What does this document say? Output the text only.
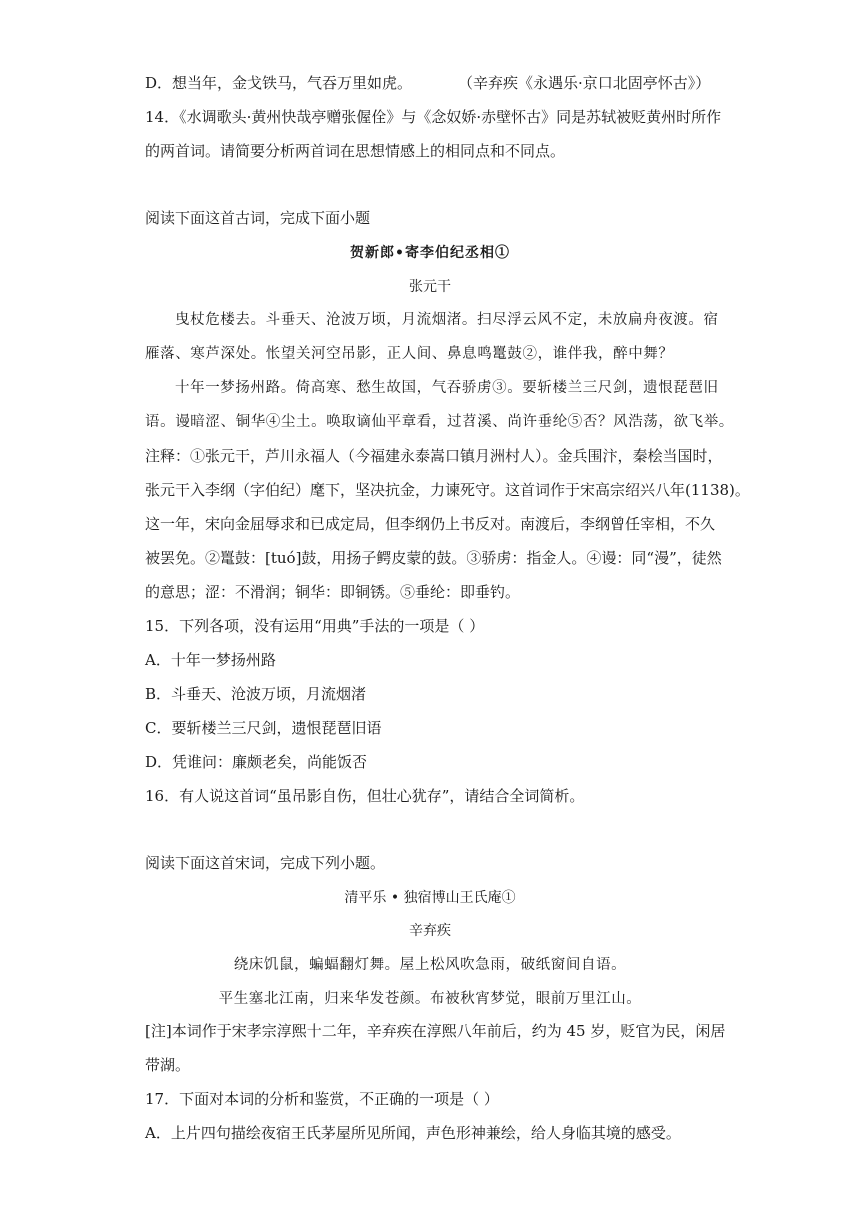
D．想当年，金戈铁马，气吞万里如虎。	（辛弃疾《永遇乐·京口北固亭怀古》）
14．《水调歌头·黄州快哉亭赠张偓佺》与《念奴娇·赤壁怀古》同是苏轼被贬黄州时所作
的两首词。请简要分析两首词在思想情感上的相同点和不同点。
阅读下面这首古词，完成下面小题
贺新郎•寄李伯纪丞相①
张元干
曳杖危楼去。斗垂天、沧波万顷，月流烟渚。扫尽浮云风不定，未放扁舟夜渡。宿
雁落、寒芦深处。怅望关河空吊影，正人间、鼻息鸣鼍鼓②，谁伴我，醉中舞？
十年一梦扬州路。倚高寒、愁生故国，气吞骄虏③。要斩楼兰三尺剑，遗恨琵琶旧
语。谩暗涩、铜华④尘土。唤取谪仙平章看，过苕溪、尚许垂纶⑤否？风浩荡，欲飞举。
注释：①张元干，芦川永福人（今福建永泰嵩口镇月洲村人）。金兵围汴，秦桧当国时，
张元干入李纲（字伯纪）麾下，坚决抗金，力谏死守。这首词作于宋高宗绍兴八年(1138)。
这一年，宋向金屈辱求和已成定局，但李纲仍上书反对。南渡后，李纲曾任宰相，不久
被罢免。②鼍鼓：[tuó]鼓，用扬子鳄皮蒙的鼓。③骄虏：指金人。④谩：同“漫”，徒然
的意思；涩：不滑润；铜华：即铜锈。⑤垂纶：即垂钓。
15．下列各项，没有运用“用典”手法的一项是（ ）
A．十年一梦扬州路
B．斗垂天、沧波万顷，月流烟渚
C．要斩楼兰三尺剑，遗恨琵琶旧语
D．凭谁问：廉颇老矣，尚能饭否
16．有人说这首词“虽吊影自伤，但壮心犹存”，请结合全词简析。
阅读下面这首宋词，完成下列小题。
清平乐 • 独宿博山王氏庵①
辛弃疾
绕床饥鼠，蝙蝠翻灯舞。屋上松风吹急雨，破纸窗间自语。
平生塞北江南，归来华发苍颜。布被秋宵梦觉，眼前万里江山。
[注]本词作于宋孝宗淳熙十二年，辛弃疾在淳熙八年前后，约为 45 岁，贬官为民，闲居
带湖。
17．下面对本词的分析和鉴赏，不正确的一项是（ ）
A．上片四句描绘夜宿王氏茅屋所见所闻，声色形神兼绘，给人身临其境的感受。
